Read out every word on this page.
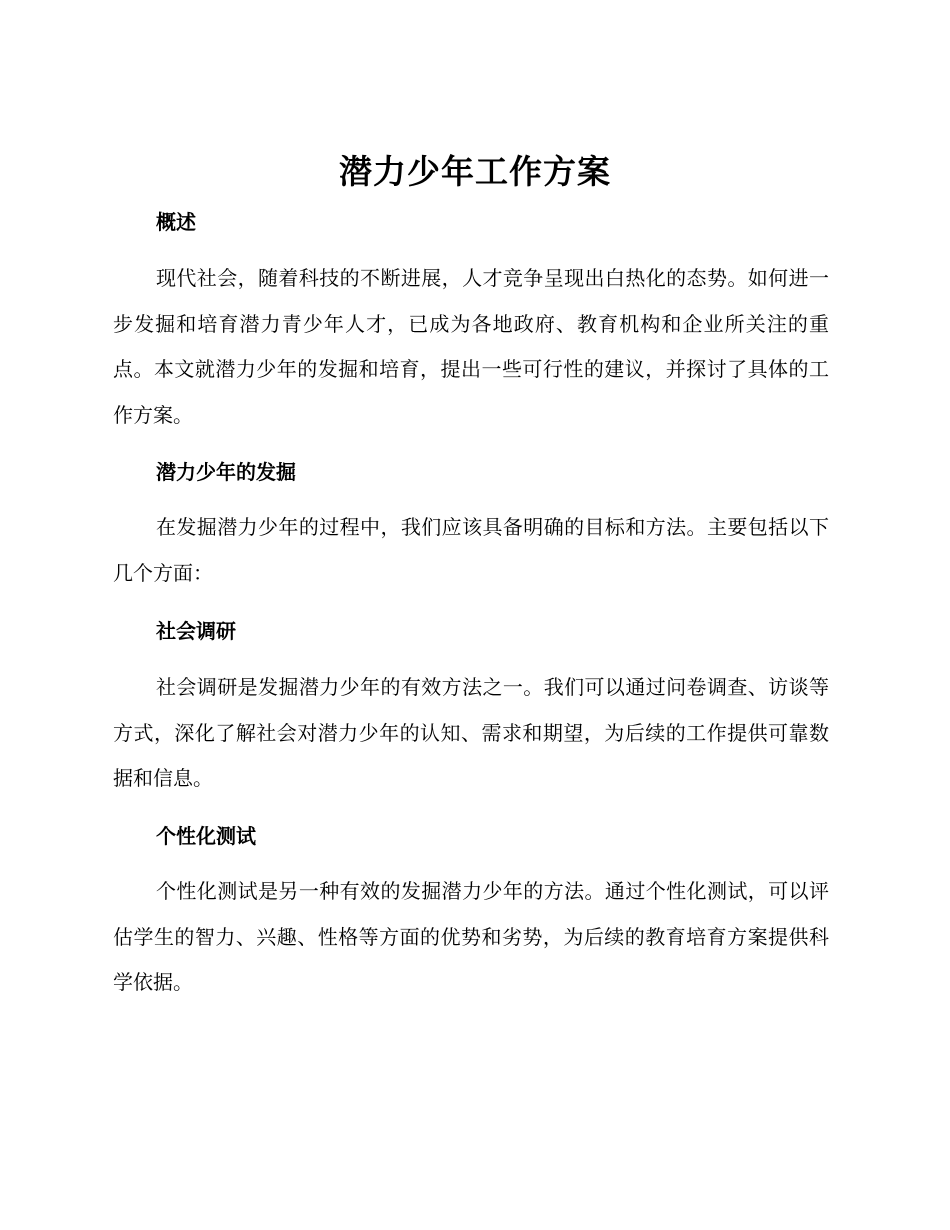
潜力少年工作方案
概述

现代社会，随着科技的不断进展，人才竞争呈现出白热化的态势。如何进一步发掘和培育潜力青少年人才，已成为各地政府、教育机构和企业所关注的重点。本文就潜力少年的发掘和培育，提出一些可行性的建议，并探讨了具体的工作方案。

潜力少年的发掘

在发掘潜力少年的过程中，我们应该具备明确的目标和方法。主要包括以下几个方面：

社会调研

社会调研是发掘潜力少年的有效方法之一。我们可以通过问卷调查、访谈等方式，深化了解社会对潜力少年的认知、需求和期望，为后续的工作提供可靠数据和信息。

个性化测试

个性化测试是另一种有效的发掘潜力少年的方法。通过个性化测试，可以评估学生的智力、兴趣、性格等方面的优势和劣势，为后续的教育培育方案提供科学依据。
